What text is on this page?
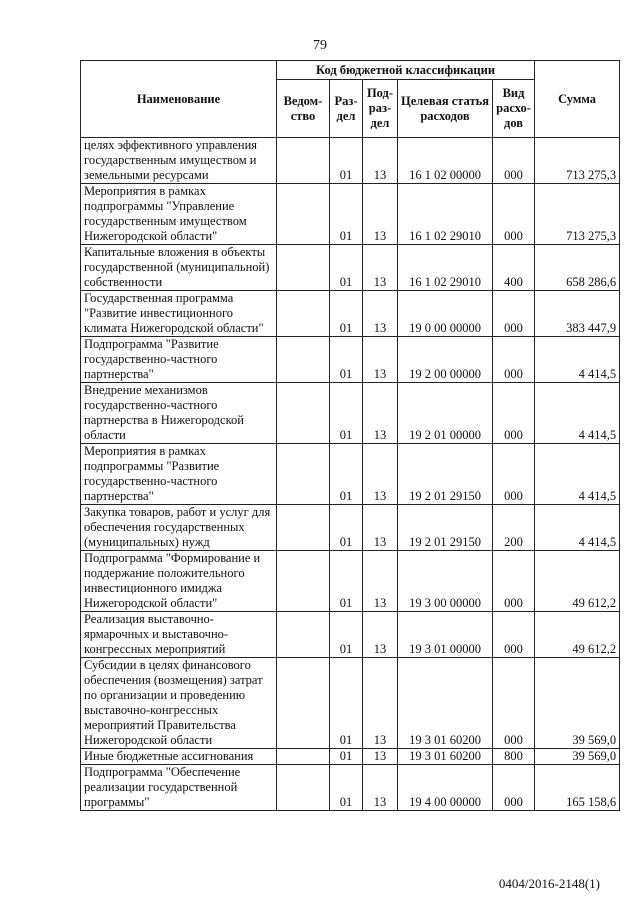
79
Наименование	Код бюджетной классификации					Сумма
	Ведом-ство	Раз-дел	Под-раз-дел	Целевая статья расходов	Вид расхо-дов	
целях эффективного управления государственным имуществом и земельными ресурсами		01	13	16 1 02 00000	000	713 275,3
Мероприятия в рамках подпрограммы "Управление государственным имуществом Нижегородской области"		01	13	16 1 02 29010	000	713 275,3
Капитальные вложения в объекты государственной (муниципальной) собственности		01	13	16 1 02 29010	400	658 286,6
Государственная программа "Развитие инвестиционного климата Нижегородской области"		01	13	19 0 00 00000	000	383 447,9
Подпрограмма "Развитие государственно-частного партнерства"		01	13	19 2 00 00000	000	4 414,5
Внедрение механизмов государственно-частного партнерства в Нижегородской области		01	13	19 2 01 00000	000	4 414,5
Мероприятия в рамках подпрограммы "Развитие государственно-частного партнерства"		01	13	19 2 01 29150	000	4 414,5
Закупка товаров, работ и услуг для обеспечения государственных (муниципальных) нужд		01	13	19 2 01 29150	200	4 414,5
Подпрограмма "Формирование и поддержание положительного инвестиционного имиджа Нижегородской области"		01	13	19 3 00 00000	000	49 612,2
Реализация выставочно-ярмарочных и выставочно-конгрессных мероприятий		01	13	19 3 01 00000	000	49 612,2
Субсидии в целях финансового обеспечения (возмещения) затрат по организации и проведению выставочно-конгрессных мероприятий Правительства Нижегородской области		01	13	19 3 01 60200	000	39 569,0
Иные бюджетные ассигнования		01	13	19 3 01 60200	800	39 569,0
Подпрограмма "Обеспечение реализации государственной программы"		01	13	19 4 00 00000	000	165 158,6
0404/2016-2148(1)
